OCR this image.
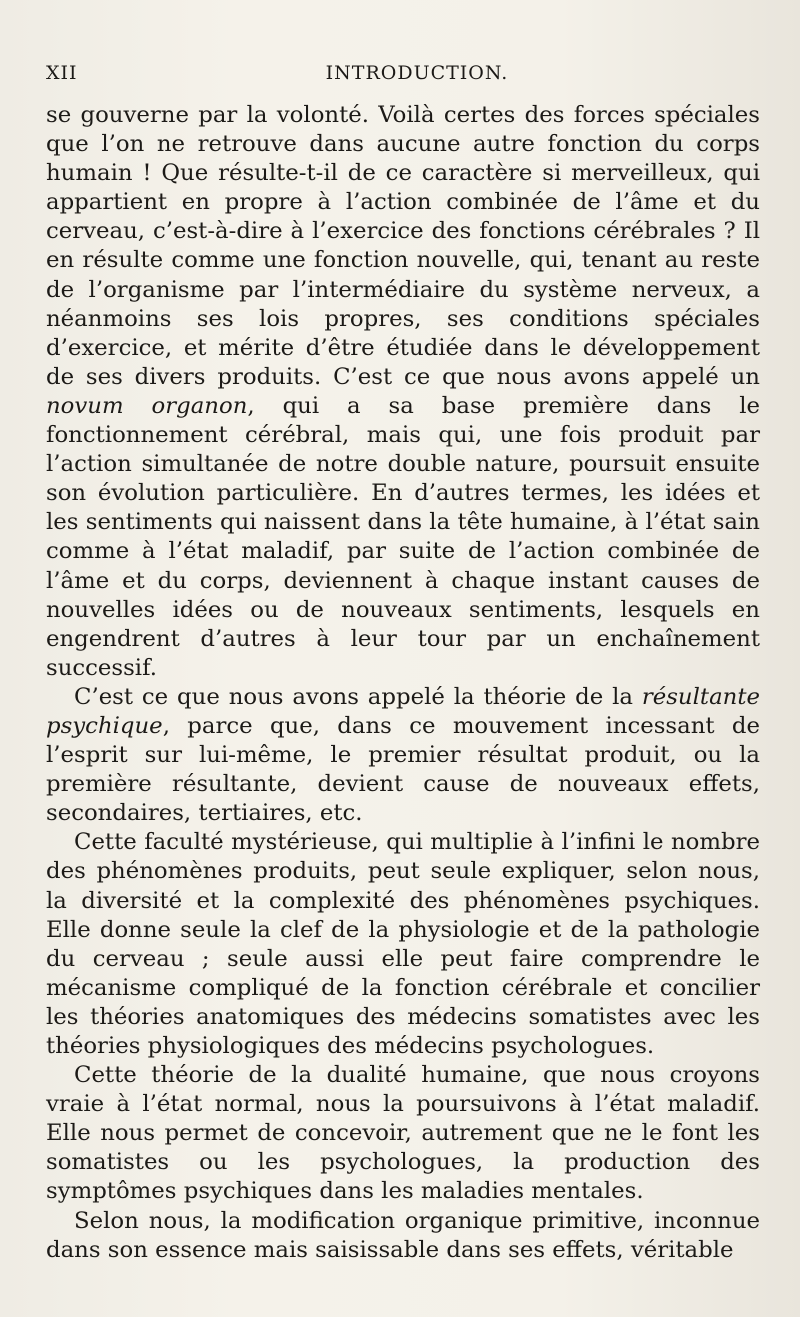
XII	INTRODUCTION.

se gouverne par la volonté. Voilà certes des forces spéciales que l’on ne retrouve dans aucune autre fonction du corps humain ! Que résulte-t-il de ce caractère si merveilleux, qui appartient en propre à l’action combinée de l’âme et du cerveau, c’est-à-dire à l’exercice des fonctions cérébrales ? Il en résulte comme une fonction nouvelle, qui, tenant au reste de l’organisme par l’intermédiaire du système nerveux, a néanmoins ses lois propres, ses conditions spéciales d’exercice, et mérite d’être étudiée dans le développement de ses divers produits. C’est ce que nous avons appelé un novum organon, qui a sa base première dans le fonctionnement cérébral, mais qui, une fois produit par l’action simultanée de notre double nature, poursuit ensuite son évolution particulière. En d’autres termes, les idées et les sentiments qui naissent dans la tête humaine, à l’état sain comme à l’état maladif, par suite de l’action combinée de l’âme et du corps, deviennent à chaque instant causes de nouvelles idées ou de nouveaux sentiments, lesquels en engendrent d’autres à leur tour par un enchaînement successif.

C’est ce que nous avons appelé la théorie de la résultante psychique, parce que, dans ce mouvement incessant de l’esprit sur lui-même, le premier résultat produit, ou la première résultante, devient cause de nouveaux effets, secondaires, tertiaires, etc.

Cette faculté mystérieuse, qui multiplie à l’infini le nombre des phénomènes produits, peut seule expliquer, selon nous, la diversité et la complexité des phénomènes psychiques. Elle donne seule la clef de la physiologie et de la pathologie du cerveau ; seule aussi elle peut faire comprendre le mécanisme compliqué de la fonction cérébrale et concilier les théories anatomiques des médecins somatistes avec les théories physiologiques des médecins psychologues.

Cette théorie de la dualité humaine, que nous croyons vraie à l’état normal, nous la poursuivons à l’état maladif. Elle nous permet de concevoir, autrement que ne le font les somatistes ou les psychologues, la production des symptômes psychiques dans les maladies mentales.

Selon nous, la modification organique primitive, inconnue dans son essence mais saisissable dans ses effets, véritable
